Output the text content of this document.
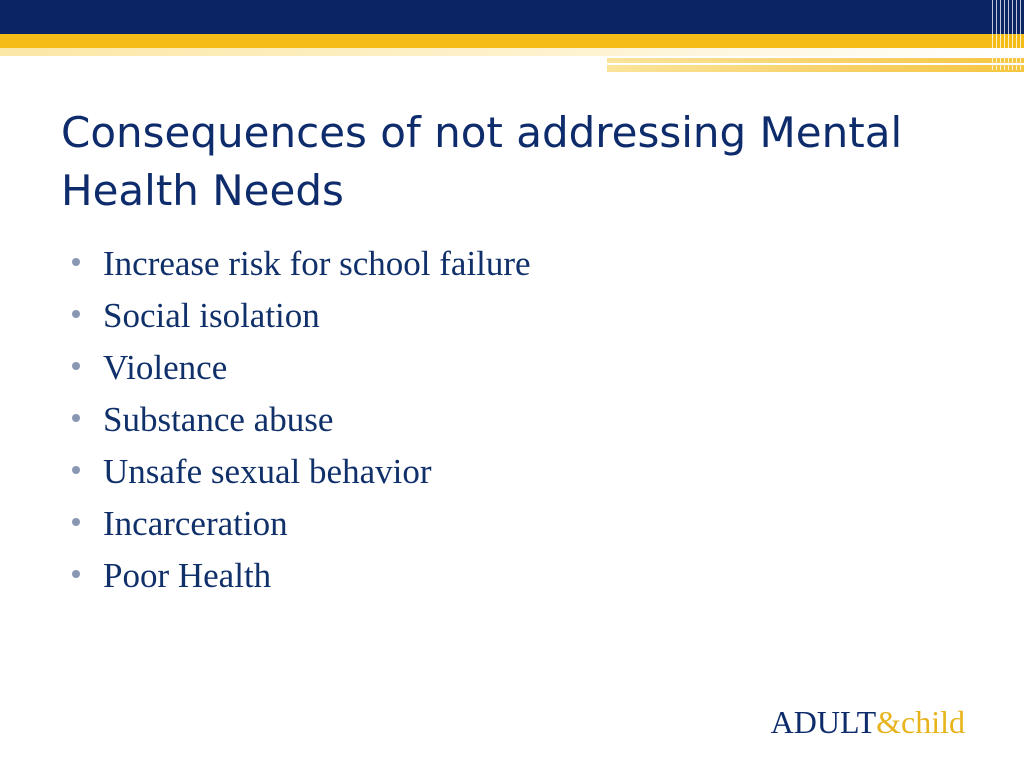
Consequences of not addressing Mental Health Needs
Increase risk for school failure
Social isolation
Violence
Substance abuse
Unsafe sexual behavior
Incarceration
Poor Health
ADULT&child
